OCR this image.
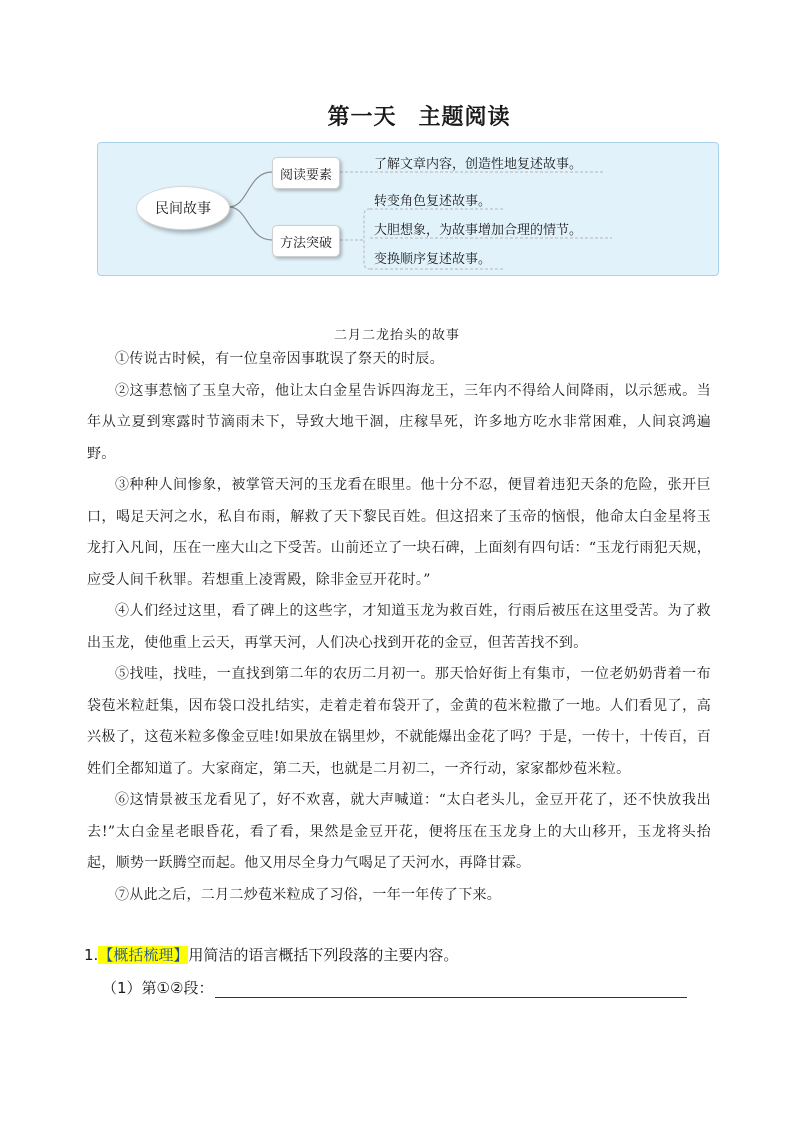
第一天 主题阅读
民间故事
阅读要素
方法突破
了解文章内容，创造性地复述故事。
转变角色复述故事。
大胆想象，为故事增加合理的情节。
变换顺序复述故事。
二月二龙抬头的故事

①传说古时候，有一位皇帝因事耽误了祭天的时辰。

②这事惹恼了玉皇大帝，他让太白金星告诉四海龙王，三年内不得给人间降雨，以示惩戒。当年从立夏到寒露时节滴雨未下，导致大地干涸，庄稼旱死，许多地方吃水非常困难，人间哀鸿遍野。

③种种人间惨象，被掌管天河的玉龙看在眼里。他十分不忍，便冒着违犯天条的危险，张开巨口，喝足天河之水，私自布雨，解救了天下黎民百姓。但这招来了玉帝的恼恨，他命太白金星将玉龙打入凡间，压在一座大山之下受苦。山前还立了一块石碑，上面刻有四句话：“玉龙行雨犯天规，应受人间千秋罪。若想重上凌霄殿，除非金豆开花时。”

④人们经过这里，看了碑上的这些字，才知道玉龙为救百姓，行雨后被压在这里受苦。为了救出玉龙，使他重上云天，再掌天河，人们决心找到开花的金豆，但苦苦找不到。

⑤找哇，找哇，一直找到第二年的农历二月初一。那天恰好街上有集市，一位老奶奶背着一布袋苞米粒赶集，因布袋口没扎结实，走着走着布袋开了，金黄的苞米粒撒了一地。人们看见了，高兴极了，这苞米粒多像金豆哇!如果放在锅里炒，不就能爆出金花了吗？于是，一传十，十传百，百姓们全都知道了。大家商定，第二天，也就是二月初二，一齐行动，家家都炒苞米粒。

⑥这情景被玉龙看见了，好不欢喜，就大声喊道：“太白老头儿，金豆开花了，还不快放我出去!”太白金星老眼昏花，看了看，果然是金豆开花，便将压在玉龙身上的大山移开，玉龙将头抬起，顺势一跃腾空而起。他又用尽全身力气喝足了天河水，再降甘霖。

⑦从此之后，二月二炒苞米粒成了习俗，一年一年传了下来。

1.【概括梳理】用简洁的语言概括下列段落的主要内容。
（1）第①②段：
